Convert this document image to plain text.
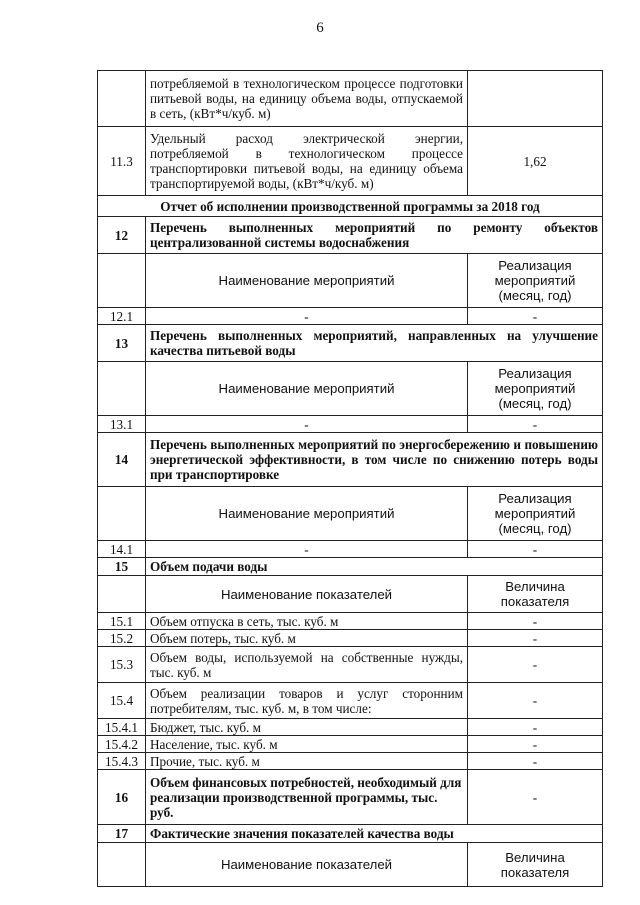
6
	потребляемой в технологическом процессе подготовки питьевой воды, на единицу объема воды, отпускаемой в сеть, (кВт*ч/куб. м)	
11.3	Удельный расход электрической энергии, потребляемой в технологическом процессе транспортировки питьевой воды, на единицу объема транспортируемой воды, (кВт*ч/куб. м)	1,62
Отчет об исполнении производственной программы за 2018 год		
12	Перечень выполненных мероприятий по ремонту объектов централизованной системы водоснабжения	
	Наименование мероприятий	Реализация мероприятий (месяц, год)
12.1	-	-
13	Перечень выполненных мероприятий, направленных на улучшение качества питьевой воды	
	Наименование мероприятий	Реализация мероприятий (месяц, год)
13.1	-	-
14	Перечень выполненных мероприятий по энергосбережению и повышению энергетической эффективности, в том числе по снижению потерь воды при транспортировке	
	Наименование мероприятий	Реализация мероприятий (месяц, год)
14.1	-	-
15	Объем подачи воды	
	Наименование показателей	Величина показателя
15.1	Объем отпуска в сеть, тыс. куб. м	-
15.2	Объем потерь, тыс. куб. м	-
15.3	Объем воды, используемой на собственные нужды, тыс. куб. м	-
15.4	Объем реализации товаров и услуг сторонним потребителям, тыс. куб. м, в том числе:	-
15.4.1	Бюджет, тыс. куб. м	-
15.4.2	Население, тыс. куб. м	-
15.4.3	Прочие, тыс. куб. м	-
16	Объем финансовых потребностей, необходимый для реализации производственной программы, тыс. руб.	-
17	Фактические значения показателей качества воды	
	Наименование показателей	Величина показателя
